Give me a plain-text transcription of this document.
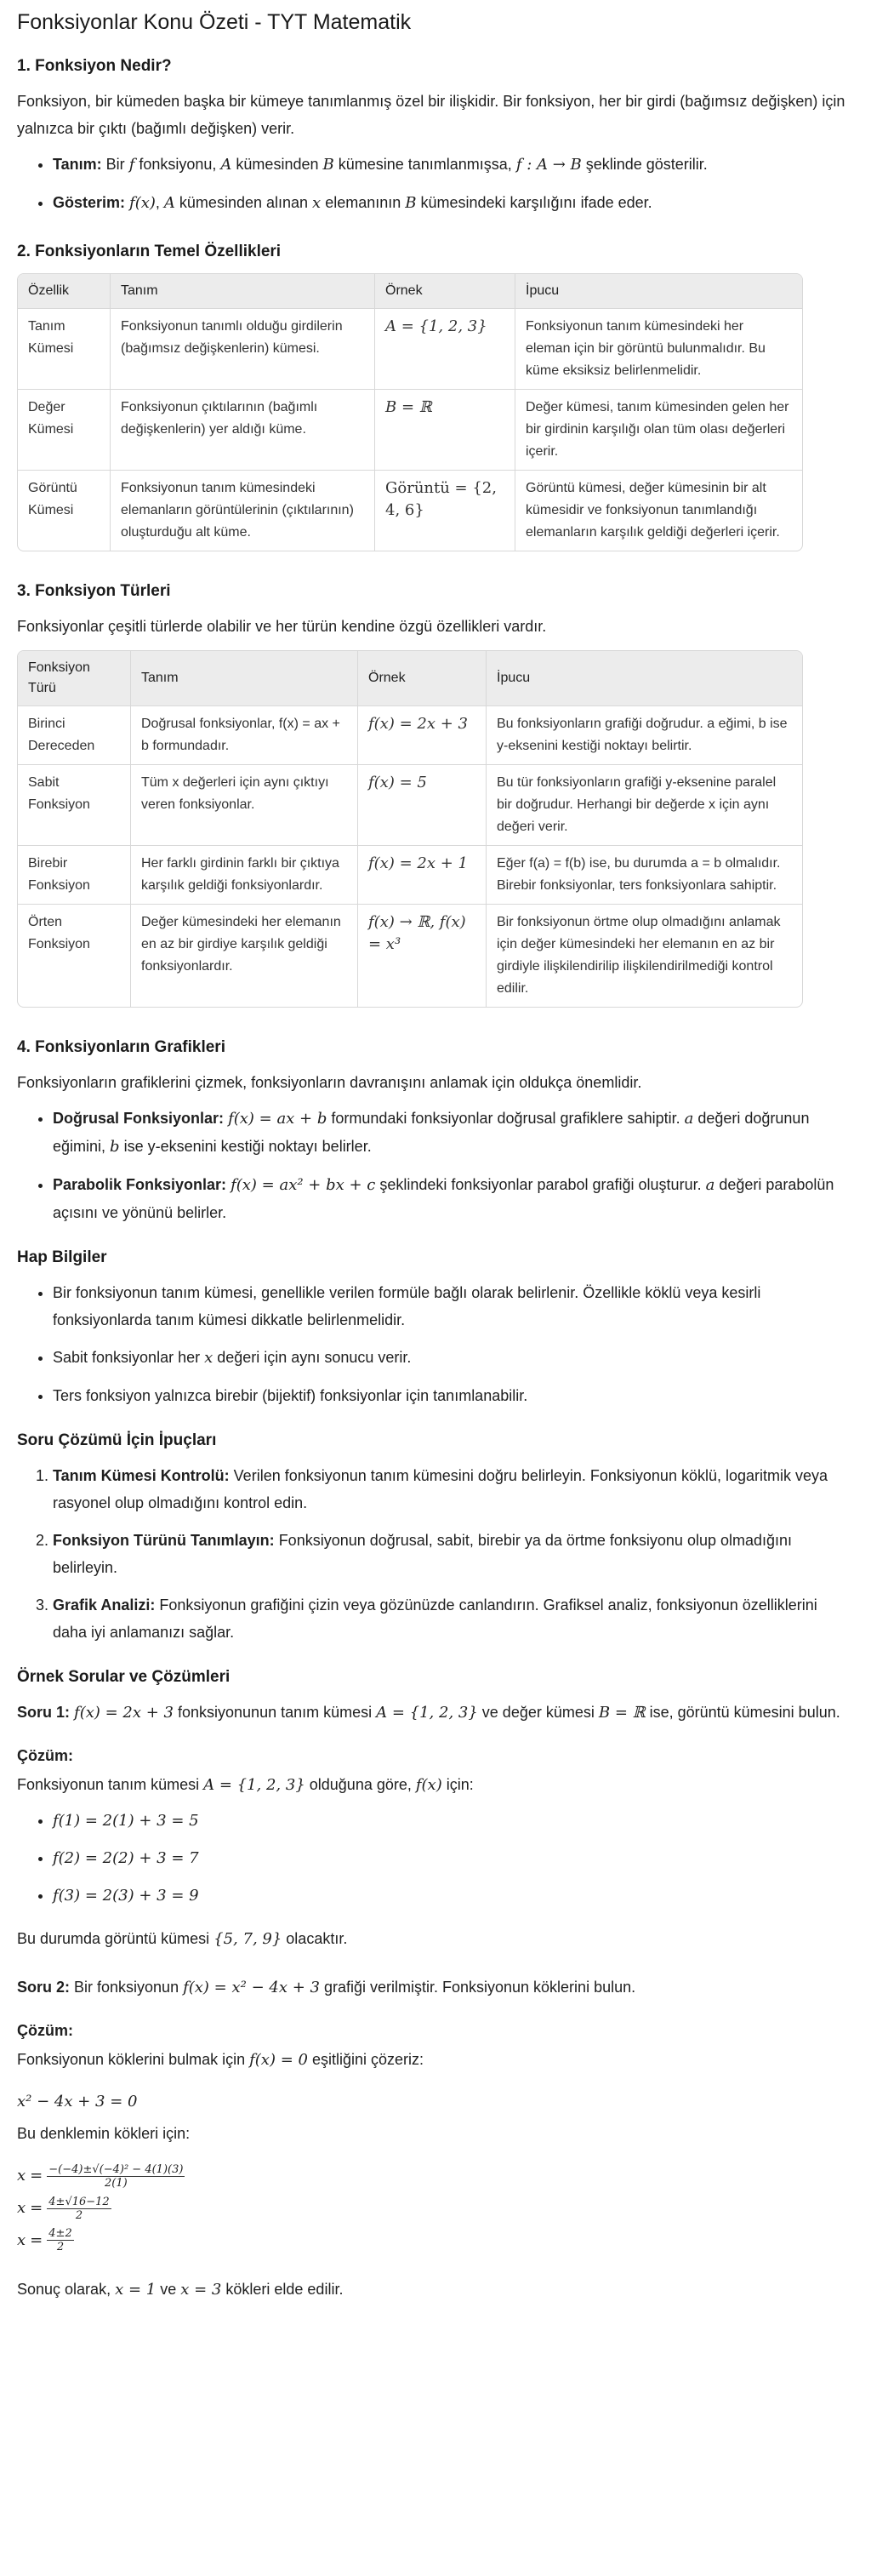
Fonksiyonlar Konu Özeti - TYT Matematik
1. Fonksiyon Nedir?

Fonksiyon, bir kümeden başka bir kümeye tanımlanmış özel bir ilişkidir. Bir fonksiyon, her bir girdi (bağımsız değişken) için yalnızca bir çıktı (bağımlı değişken) verir.

• Tanım: Bir f fonksiyonu, A kümesinden B kümesine tanımlanmışsa, f : A → B şeklinde gösterilir.
• Gösterim: f(x), A kümesinden alınan x elemanının B kümesindeki karşılığını ifade eder.
2. Fonksiyonların Temel Özellikleri
Özellik	Tanım	Örnek	İpucu
Tanım Kümesi	Fonksiyonun tanımlı olduğu girdilerin (bağımsız değişkenlerin) kümesi.	A = {1, 2, 3}	Fonksiyonun tanım kümesindeki her eleman için bir görüntü bulunmalıdır. Bu küme eksiksiz belirlenmelidir.
Değer Kümesi	Fonksiyonun çıktılarının (bağımlı değişkenlerin) yer aldığı küme.	B = ℝ	Değer kümesi, tanım kümesinden gelen her bir girdinin karşılığı olan tüm olası değerleri içerir.
Görüntü Kümesi	Fonksiyonun tanım kümesindeki elemanların görüntülerinin (çıktılarının) oluşturduğu alt küme.	Görüntü = {2, 4, 6}	Görüntü kümesi, değer kümesinin bir alt kümesidir ve fonksiyonun tanımlandığı elemanların karşılık geldiği değerleri içerir.
3. Fonksiyon Türleri

Fonksiyonlar çeşitli türlerde olabilir ve her türün kendine özgü özellikleri vardır.

Fonksiyon Türü	Tanım	Örnek	İpucu
Birinci Dereceden	Doğrusal fonksiyonlar, f(x) = ax + b formundadır.	f(x) = 2x + 3	Bu fonksiyonların grafiği doğrudur. a eğimi, b ise y-eksenini kestiği noktayı belirtir.
Sabit Fonksiyon	Tüm x değerleri için aynı çıktıyı veren fonksiyonlar.	f(x) = 5	Bu tür fonksiyonların grafiği y-eksenine paralel bir doğrudur. Herhangi bir değerde x için aynı değeri verir.
Birebir Fonksiyon	Her farklı girdinin farklı bir çıktıya karşılık geldiği fonksiyonlardır.	f(x) = 2x + 1	Eğer f(a) = f(b) ise, bu durumda a = b olmalıdır. Birebir fonksiyonlar, ters fonksiyonlara sahiptir.
Örten Fonksiyon	Değer kümesindeki her elemanın en az bir girdiye karşılık geldiği fonksiyonlardır.	f(x) → ℝ, f(x) = x³	Bir fonksiyonun örtme olup olmadığını anlamak için değer kümesindeki her elemanın en az bir girdiyle ilişkilendirilip ilişkilendirilmediği kontrol edilir.
4. Fonksiyonların Grafikleri

Fonksiyonların grafiklerini çizmek, fonksiyonların davranışını anlamak için oldukça önemlidir.

• Doğrusal Fonksiyonlar: f(x) = ax + b formundaki fonksiyonlar doğrusal grafiklere sahiptir. a değeri doğrunun eğimini, b ise y-eksenini kestiği noktayı belirler.
• Parabolik Fonksiyonlar: f(x) = ax² + bx + c şeklindeki fonksiyonlar parabol grafiği oluşturur. a değeri parabolün açısını ve yönünü belirler.
Hap Bilgiler
• Bir fonksiyonun tanım kümesi, genellikle verilen formüle bağlı olarak belirlenir. Özellikle köklü veya kesirli fonksiyonlarda tanım kümesi dikkatle belirlenmelidir.
• Sabit fonksiyonlar her x değeri için aynı sonucu verir.
• Ters fonksiyon yalnızca birebir (bijektif) fonksiyonlar için tanımlanabilir.
Soru Çözümü İçin İpuçları
1. Tanım Kümesi Kontrolü: Verilen fonksiyonun tanım kümesini doğru belirleyin. Fonksiyonun köklü, logaritmik veya rasyonel olup olmadığını kontrol edin.
2. Fonksiyon Türünü Tanımlayın: Fonksiyonun doğrusal, sabit, birebir ya da örtme fonksiyonu olup olmadığını belirleyin.
3. Grafik Analizi: Fonksiyonun grafiğini çizin veya gözünüzde canlandırın. Grafiksel analiz, fonksiyonun özelliklerini daha iyi anlamanızı sağlar.
Örnek Sorular ve Çözümleri

Soru 1: f(x) = 2x + 3 fonksiyonunun tanım kümesi A = {1, 2, 3} ve değer kümesi B = ℝ ise, görüntü kümesini bulun.

Çözüm:

Fonksiyonun tanım kümesi A = {1, 2, 3} olduğuna göre, f(x) için:

• f(1) = 2(1) + 3 = 5
• f(2) = 2(2) + 3 = 7
• f(3) = 2(3) + 3 = 9

Bu durumda görüntü kümesi {5, 7, 9} olacaktır.

Soru 2: Bir fonksiyonun f(x) = x² − 4x + 3 grafiği verilmiştir. Fonksiyonun köklerini bulun.

Çözüm:

Fonksiyonun köklerini bulmak için f(x) = 0 eşitliğini çözeriz:

x² − 4x + 3 = 0

Bu denklemin kökleri için:

$x = \frac{\text{−(−4)±√(−4)² − 4(1)(3)}}{2(1)}$
$x = \frac{4\pm√16-12}{2}$
$x = \frac{4\pm 2}{2}$

Sonuç olarak, x = 1 ve x = 3 kökleri elde edilir.
